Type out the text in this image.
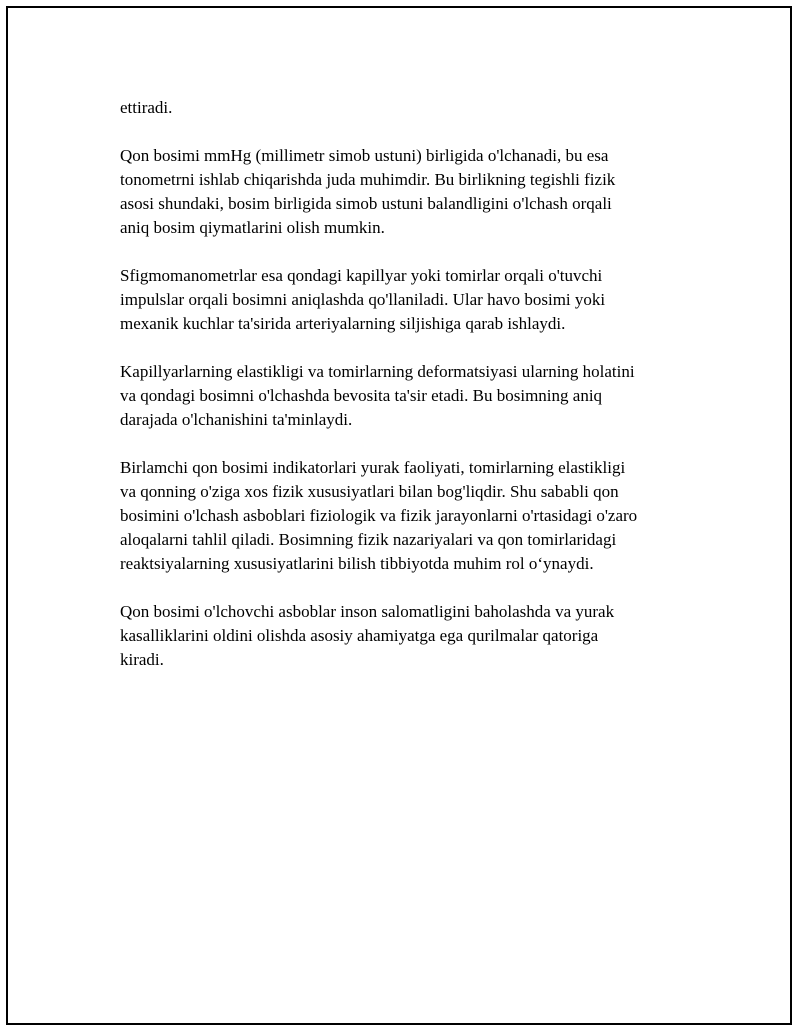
ettiradi.

Qon bosimi mmHg (millimetr simob ustuni) birligida o'lchanadi, bu esa
tonometrni ishlab chiqarishda juda muhimdir. Bu birlikning tegishli fizik
asosi shundaki, bosim birligida simob ustuni balandligini o'lchash orqali
aniq bosim qiymatlarini olish mumkin.

Sfigmomanometrlar esa qondagi kapillyar yoki tomirlar orqali o'tuvchi
impulslar orqali bosimni aniqlashda qo'llaniladi. Ular havo bosimi yoki
mexanik kuchlar ta'sirida arteriyalarning siljishiga qarab ishlaydi.

Kapillyarlarning elastikligi va tomirlarning deformatsiyasi ularning holatini
va qondagi bosimni o'lchashda bevosita ta'sir etadi. Bu bosimning aniq
darajada o'lchanishini ta'minlaydi.

Birlamchi qon bosimi indikatorlari yurak faoliyati, tomirlarning elastikligi
va qonning o'ziga xos fizik xususiyatlari bilan bog'liqdir. Shu sababli qon
bosimini o'lchash asboblari fiziologik va fizik jarayonlarni o'rtasidagi o'zaro
aloqalarni tahlil qiladi. Bosimning fizik nazariyalari va qon tomirlaridagi
reaktsiyalarning xususiyatlarini bilish tibbiyotda muhim rol o‘ynaydi.

Qon bosimi o'lchovchi asboblar inson salomatligini baholashda va yurak
kasalliklarini oldini olishda asosiy ahamiyatga ega qurilmalar qatoriga
kiradi.
